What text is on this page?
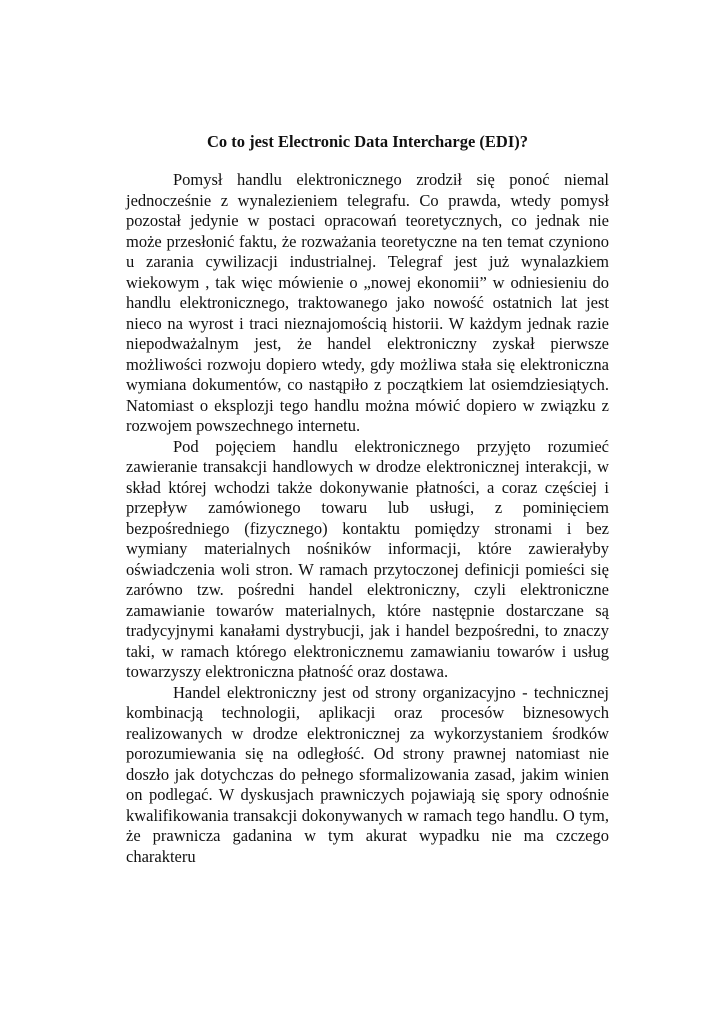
Co to jest Electronic Data Intercharge (EDI)?

Pomysł handlu elektronicznego zrodził się ponoć niemal jednocześnie z wynalezieniem telegrafu. Co prawda, wtedy pomysł pozostał jedynie w postaci opracowań teoretycznych, co jednak nie może przesłonić faktu, że rozważania teoretyczne na ten temat czyniono u zarania cywilizacji industrialnej. Telegraf jest już wynalazkiem wiekowym , tak więc mówienie o „nowej ekonomii” w odniesieniu do handlu elektronicznego, traktowanego jako nowość ostatnich lat jest nieco na wyrost i traci nieznajomością historii. W każdym jednak razie niepodważalnym jest, że handel elektroniczny zyskał pierwsze możliwości rozwoju dopiero wtedy, gdy możliwa stała się elektroniczna wymiana dokumentów, co nastąpiło z początkiem lat osiemdziesiątych. Natomiast o eksplozji tego handlu można mówić dopiero w związku z rozwojem powszechnego internetu.

Pod pojęciem handlu elektronicznego przyjęto rozumieć zawieranie transakcji handlowych w drodze elektronicznej interakcji, w skład której wchodzi także dokonywanie płatności, a coraz częściej i przepływ zamówionego towaru lub usługi, z pominięciem bezpośredniego (fizycznego) kontaktu pomiędzy stronami i bez wymiany materialnych nośników informacji, które zawierałyby oświadczenia woli stron. W ramach przytoczonej definicji pomieści się zarówno tzw. pośredni handel elektroniczny, czyli elektroniczne zamawianie towarów materialnych, które następnie dostarczane są tradycyjnymi kanałami dystrybucji, jak i handel bezpośredni, to znaczy taki, w ramach którego elektronicznemu zamawianiu towarów i usług towarzyszy elektroniczna płatność oraz dostawa.

Handel elektroniczny jest od strony organizacyjno - technicznej kombinacją technologii, aplikacji oraz procesów biznesowych realizowanych w drodze elektronicznej za wykorzystaniem środków porozumiewania się na odległość. Od strony prawnej natomiast nie doszło jak dotychczas do pełnego sformalizowania zasad, jakim winien on podlegać. W dyskusjach prawniczych pojawiają się spory odnośnie kwalifikowania transakcji dokonywanych w ramach tego handlu. O tym, że prawnicza gadanina w tym akurat wypadku nie ma czczego charakteru
